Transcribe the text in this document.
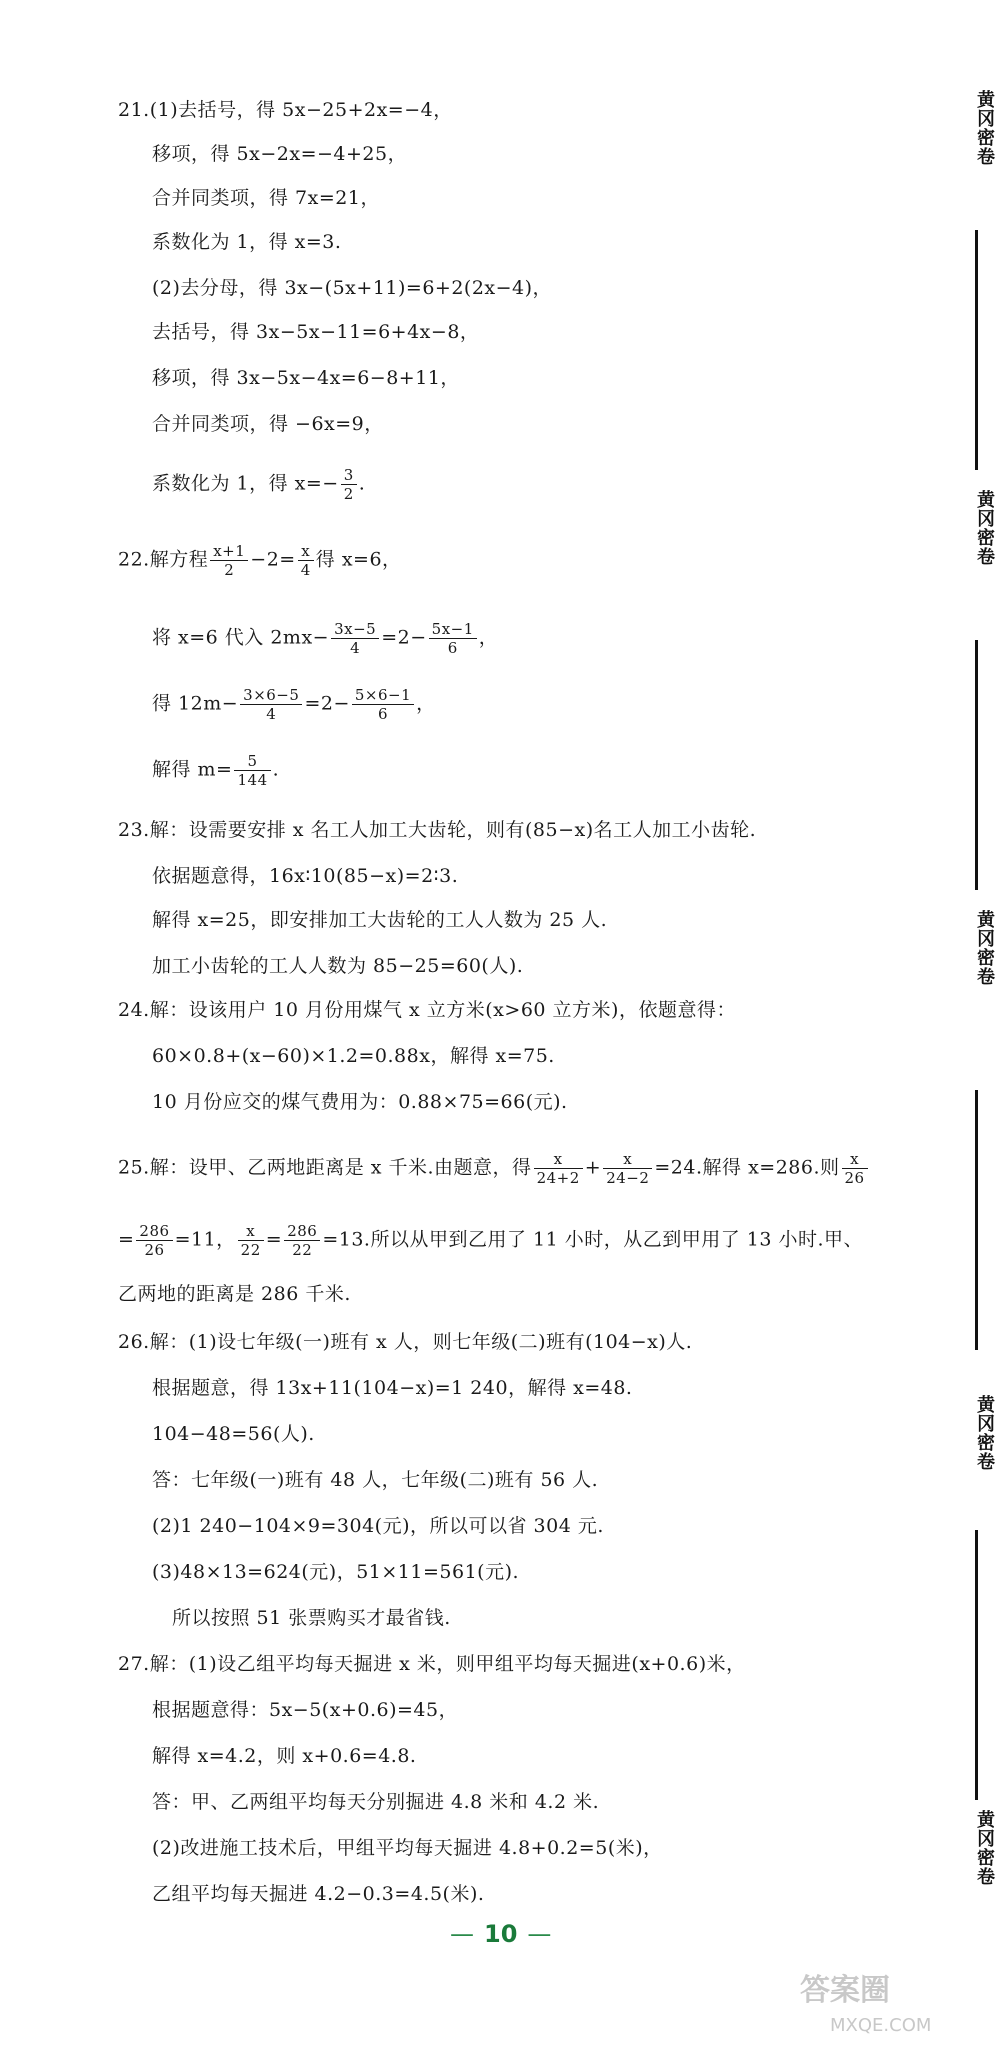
21.(1)去括号，得 5x−25+2x=−4，
移项，得 5x−2x=−4+25，
合并同类项，得 7x=21，
系数化为 1，得 x=3.
(2)去分母，得 3x−(5x+11)=6+2(2x−4)，
去括号，得 3x−5x−11=6+4x−8，
移项，得 3x−5x−4x=6−8+11，
合并同类项，得 −6x=9，
系数化为 1，得 $x=- \frac{3}{2}$ .
22.解方程 $\frac{x+1}{2} -2= \frac{x}{4}$ 得 x=6，
将 x=6 代入 $2mx- \frac{3x-5}{4} =2- \frac{5x-1}{6}$ ，
得 $12m- \frac{3\times 6-5}{4} =2- \frac{5\times 6-1}{6}$ ，
解得 $m= \frac{5}{144}$ .
23.解：设需要安排 x 名工人加工大齿轮，则有(85−x)名工人加工小齿轮.
依据题意得，16x∶10(85−x)=2∶3.
解得 x=25，即安排加工大齿轮的工人人数为 25 人.
加工小齿轮的工人人数为 85−25=60(人).
24.解：设该用户 10 月份用煤气 x 立方米(x>60 立方米)，依题意得：
60×0.8+(x−60)×1.2=0.88x，解得 x=75.
10 月份应交的煤气费用为：0.88×75=66(元).
25.解：设甲、乙两地距离是 x 千米.由题意，得 $\frac{x}{24+2} + \frac{x}{24-2} =24$.解得 x=286.则 $\frac{x}{26}$
= $\frac{286}{26} =11$， $\frac{x}{22} = \frac{286}{22} =13$.所以从甲到乙用了 11 小时，从乙到甲用了 13 小时.甲、
乙两地的距离是 286 千米.
26.解：(1)设七年级(一)班有 x 人，则七年级(二)班有(104−x)人.
根据题意，得 13x+11(104−x)=1 240，解得 x=48.
104−48=56(人).
答：七年级(一)班有 48 人，七年级(二)班有 56 人.
(2)1 240−104×9=304(元)，所以可以省 304 元.
(3)48×13=624(元)，51×11=561(元).
所以按照 51 张票购买才最省钱.
27.解：(1)设乙组平均每天掘进 x 米，则甲组平均每天掘进(x+0.6)米，
根据题意得：5x−5(x+0.6)=45，
解得 x=4.2，则 x+0.6=4.8.
答：甲、乙两组平均每天分别掘进 4.8 米和 4.2 米.
(2)改进施工技术后，甲组平均每天掘进 4.8+0.2=5(米)，
乙组平均每天掘进 4.2−0.3=4.5(米).
— 10 —
答案圈
MXQE.COM
黄冈密卷
黄冈密卷
黄冈密卷
黄冈密卷
黄冈密卷
